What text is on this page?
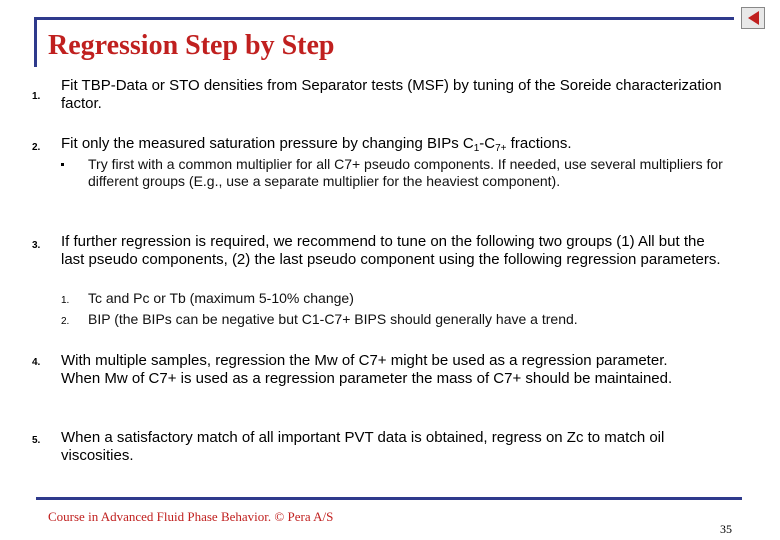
Regression Step by Step
1.
Fit TBP-Data or STO densities from Separator tests (MSF) by tuning of the Soreide characterization factor.
2. Fit only the measured saturation pressure by changing BIPs $C_1-C_{7+}$ fractions.
Try first with a common multiplier for all C7+ pseudo components. If needed, use several multipliers for different groups (E.g., use a separate multiplier for the heaviest component).
3. If further regression is required, we recommend to tune on the following two groups (1) All but the last pseudo components, (2) the last pseudo component using the following regression parameters.
1. Tc and Pc or Tb (maximum 5-10% change)
2. BIP (the BIPs can be negative but C1-C7+ BIPS should generally have a trend.
4. With multiple samples, regression the Mw of C7+ might be used as a regression parameter. When Mw of C7+ is used as a regression parameter the mass of C7+ should be maintained.
5. When a satisfactory match of all important PVT data is obtained, regress on Zc to match oil viscosities.
Course in Advanced Fluid Phase Behavior. © Pera A/S
35
